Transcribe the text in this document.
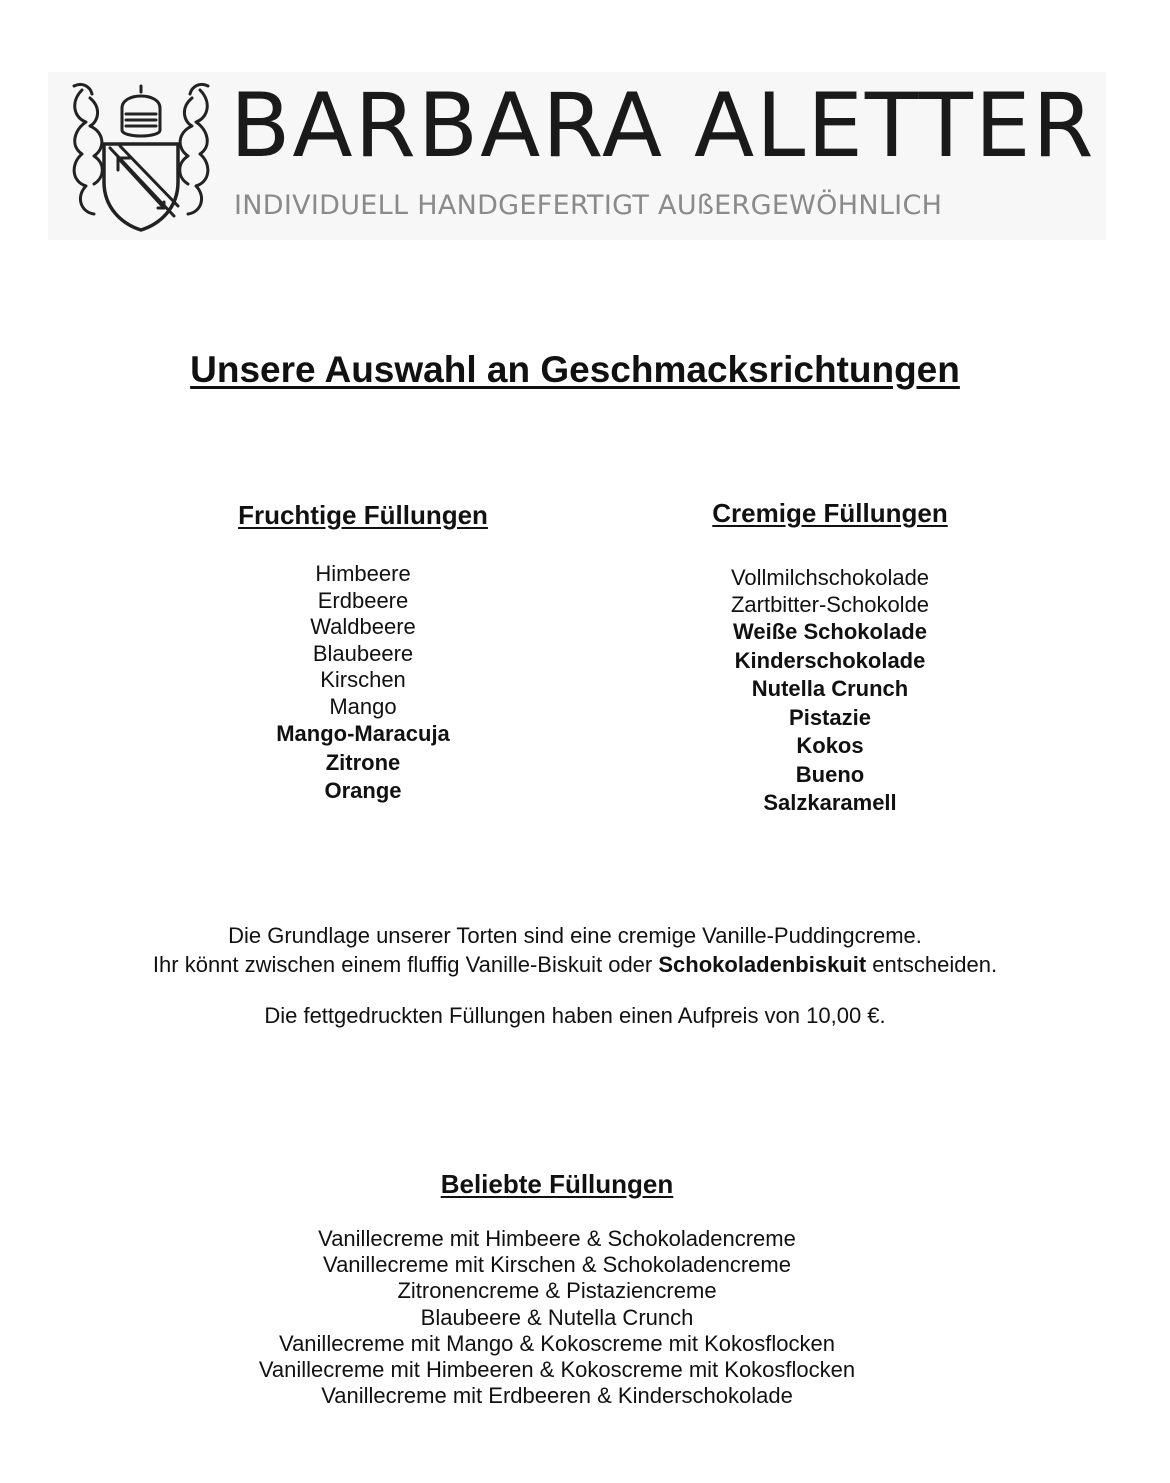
BARBARA ALETTER
INDIVIDUELL HANDGEFERTIGT AUßERGEWÖHNLICH
Unsere Auswahl an Geschmacksrichtungen
Fruchtige Füllungen
Himbeere
Erdbeere
Waldbeere
Blaubeere
Kirschen
Mango
Mango-Maracuja
Zitrone
Orange
Cremige Füllungen
Vollmilchschokolade
Zartbitter-Schokolde
Weiße Schokolade
Kinderschokolade
Nutella Crunch
Pistazie
Kokos
Bueno
Salzkaramell

Die Grundlage unserer Torten sind eine cremige Vanille-Puddingcreme.
Ihr könnt zwischen einem fluffig Vanille-Biskuit oder Schokoladenbiskuit entscheiden.

Die fettgedruckten Füllungen haben einen Aufpreis von 10,00 €.

Beliebte Füllungen
Vanillecreme mit Himbeere & Schokoladencreme
Vanillecreme mit Kirschen & Schokoladencreme
Zitronencreme & Pistaziencreme
Blaubeere & Nutella Crunch
Vanillecreme mit Mango & Kokoscreme mit Kokosflocken
Vanillecreme mit Himbeeren & Kokoscreme mit Kokosflocken
Vanillecreme mit Erdbeeren & Kinderschokolade
